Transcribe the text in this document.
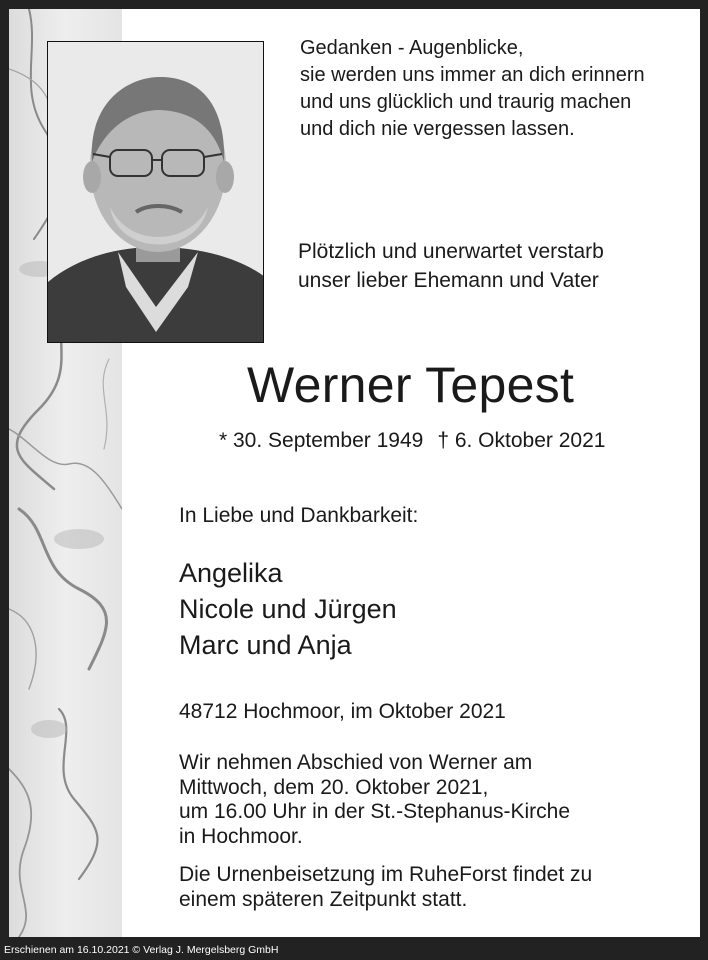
Gedanken - Augenblicke,
sie werden uns immer an dich erinnern
und uns glücklich und traurig machen
und dich nie vergessen lassen.
Plötzlich und unerwartet verstarb
unser lieber Ehemann und Vater
Werner Tepest
* 30. September 1949 † 6. Oktober 2021
In Liebe und Dankbarkeit:
Angelika
Nicole und Jürgen
Marc und Anja
48712 Hochmoor, im Oktober 2021
Wir nehmen Abschied von Werner am
Mittwoch, dem 20. Oktober 2021,
um 16.00 Uhr in der St.-Stephanus-Kirche
in Hochmoor.
Die Urnenbeisetzung im RuheForst findet zu
einem späteren Zeitpunkt statt.
Erschienen am 16.10.2021 © Verlag J. Mergelsberg GmbH
